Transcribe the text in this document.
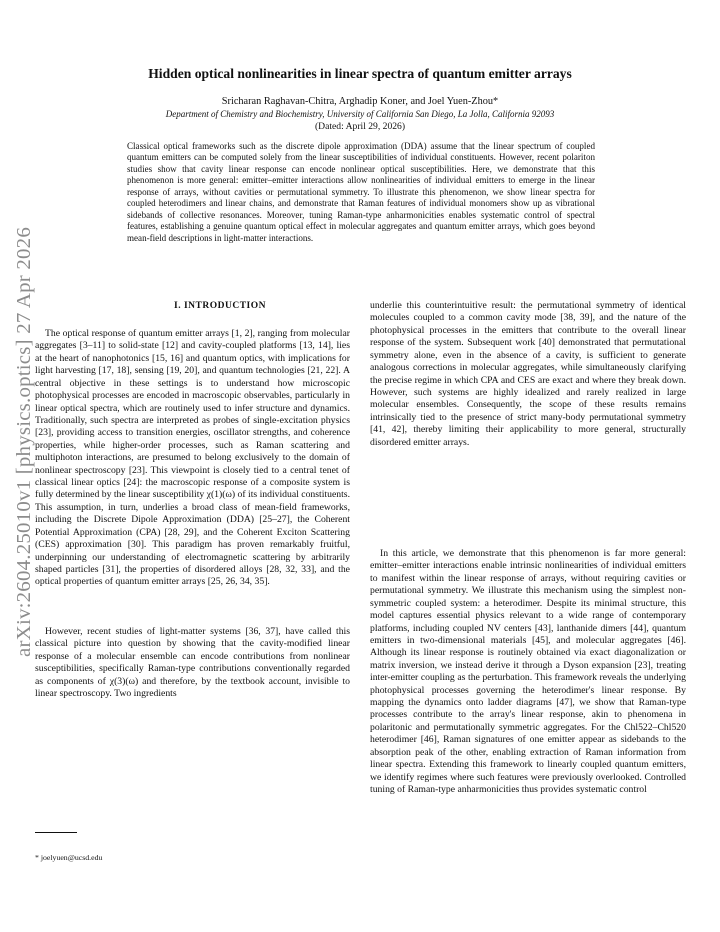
arXiv:2604.25010v1 [physics.optics] 27 Apr 2026
Hidden optical nonlinearities in linear spectra of quantum emitter arrays
Sricharan Raghavan-Chitra, Arghadip Koner, and Joel Yuen-Zhou*
Department of Chemistry and Biochemistry, University of California San Diego, La Jolla, California 92093
(Dated: April 29, 2026)
Classical optical frameworks such as the discrete dipole approximation (DDA) assume that the linear spectrum of coupled quantum emitters can be computed solely from the linear susceptibilities of individual constituents. However, recent polariton studies show that cavity linear response can encode nonlinear optical susceptibilities. Here, we demonstrate that this phenomenon is more general: emitter–emitter interactions allow nonlinearities of individual emitters to emerge in the linear response of arrays, without cavities or permutational symmetry. To illustrate this phenomenon, we show linear spectra for coupled heterodimers and linear chains, and demonstrate that Raman features of individual monomers show up as vibrational sidebands of collective resonances. Moreover, tuning Raman-type anharmonicities enables systematic control of spectral features, establishing a genuine quantum optical effect in molecular aggregates and quantum emitter arrays, which goes beyond mean-field descriptions in light-matter interactions.
I. INTRODUCTION

The optical response of quantum emitter arrays [1, 2], ranging from molecular aggregates [3–11] to solid-state [12] and cavity-coupled platforms [13, 14], lies at the heart of nanophotonics [15, 16] and quantum optics, with implications for light harvesting [17, 18], sensing [19, 20], and quantum technologies [21, 22]. A central objective in these settings is to understand how microscopic photophysical processes are encoded in macroscopic observables, particularly in linear optical spectra, which are routinely used to infer structure and dynamics. Traditionally, such spectra are interpreted as probes of single-excitation physics [23], providing access to transition energies, oscillator strengths, and coherence properties, while higher-order processes, such as Raman scattering and multiphoton interactions, are presumed to belong exclusively to the domain of nonlinear spectroscopy [23]. This viewpoint is closely tied to a central tenet of classical linear optics [24]: the macroscopic response of a composite system is fully determined by the linear susceptibility χ(1)(ω) of its individual constituents. This assumption, in turn, underlies a broad class of mean-field frameworks, including the Discrete Dipole Approximation (DDA) [25–27], the Coherent Potential Approximation (CPA) [28, 29], and the Coherent Exciton Scattering (CES) approximation [30]. This paradigm has proven remarkably fruitful, underpinning our understanding of electromagnetic scattering by arbitrarily shaped particles [31], the properties of disordered alloys [28, 32, 33], and the optical properties of quantum emitter arrays [25, 26, 34, 35].

However, recent studies of light-matter systems [36, 37], have called this classical picture into question by showing that the cavity-modified linear response of a molecular ensemble can encode contributions from nonlinear susceptibilities, specifically Raman-type contributions conventionally regarded as components of χ(3)(ω) and therefore, by the textbook account, invisible to linear spectroscopy. Two ingredients

underlie this counterintuitive result: the permutational symmetry of identical molecules coupled to a common cavity mode [38, 39], and the nature of the photophysical processes in the emitters that contribute to the overall linear response of the system. Subsequent work [40] demonstrated that permutational symmetry alone, even in the absence of a cavity, is sufficient to generate analogous corrections in molecular aggregates, while simultaneously clarifying the precise regime in which CPA and CES are exact and where they break down. However, such systems are highly idealized and rarely realized in large molecular ensembles. Consequently, the scope of these results remains intrinsically tied to the presence of strict many-body permutational symmetry [41, 42], thereby limiting their applicability to more general, structurally disordered emitter arrays.

In this article, we demonstrate that this phenomenon is far more general: emitter–emitter interactions enable intrinsic nonlinearities of individual emitters to manifest within the linear response of arrays, without requiring cavities or permutational symmetry. We illustrate this mechanism using the simplest non-symmetric coupled system: a heterodimer. Despite its minimal structure, this model captures essential physics relevant to a wide range of contemporary platforms, including coupled NV centers [43], lanthanide dimers [44], quantum emitters in two-dimensional materials [45], and molecular aggregates [46]. Although its linear response is routinely obtained via exact diagonalization or matrix inversion, we instead derive it through a Dyson expansion [23], treating inter-emitter coupling as the perturbation. This framework reveals the underlying photophysical processes governing the heterodimer's linear response. By mapping the dynamics onto ladder diagrams [47], we show that Raman-type processes contribute to the array's linear response, akin to phenomena in polaritonic and permutationally symmetric aggregates. For the Chl522–Chl520 heterodimer [46], Raman signatures of one emitter appear as sidebands to the absorption peak of the other, enabling extraction of Raman information from linear spectra. Extending this framework to linearly coupled quantum emitters, we identify regimes where such features were previously overlooked. Controlled tuning of Raman-type anharmonicities thus provides systematic control

* joelyuen@ucsd.edu
